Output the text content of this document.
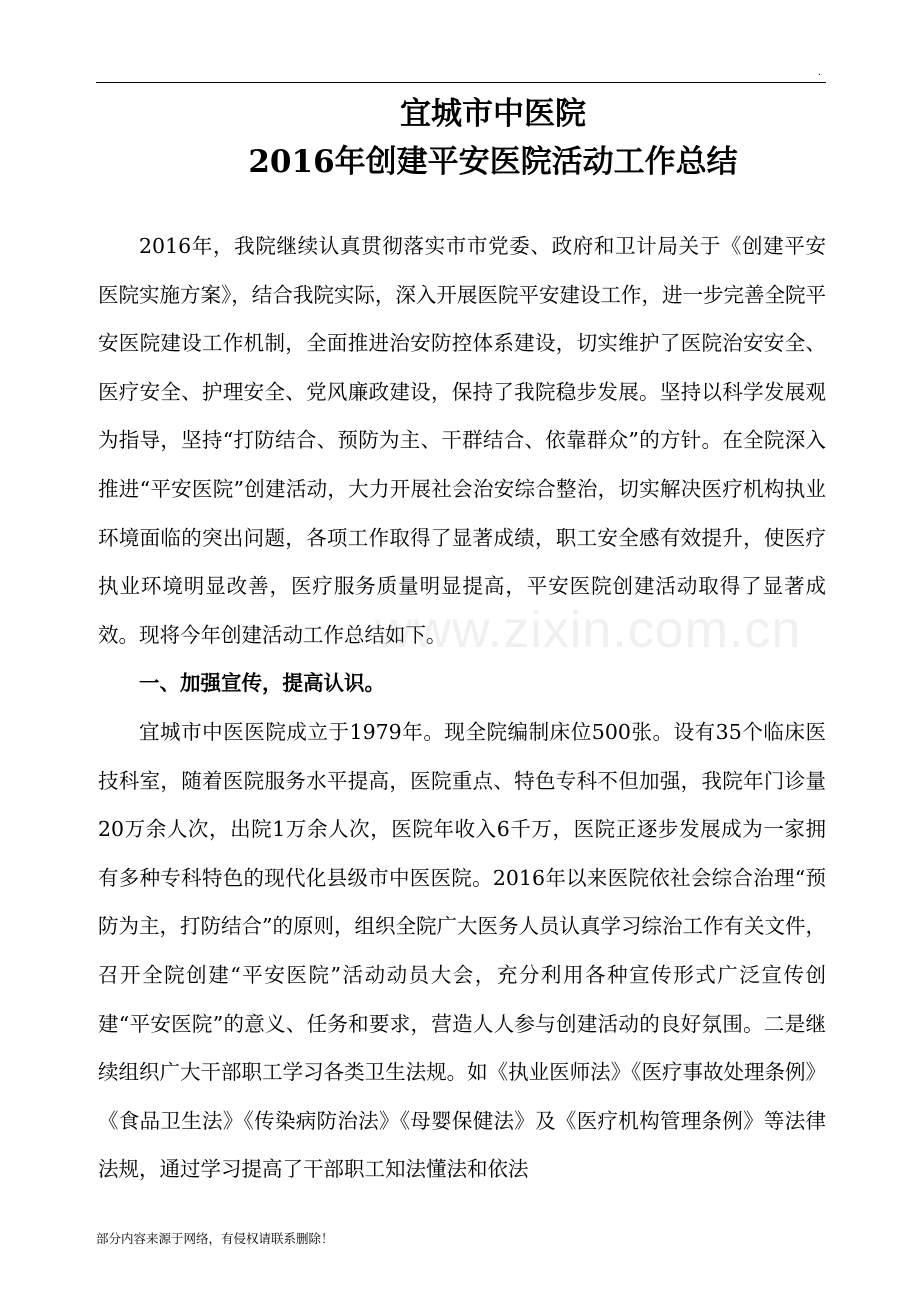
.
宜城市中医院
2016年创建平安医院活动工作总结

2016年，我院继续认真贯彻落实市市党委、政府和卫计局关于《创建平安医院实施方案》，结合我院实际，深入开展医院平安建设工作，进一步完善全院平安医院建设工作机制，全面推进治安防控体系建设，切实维护了医院治安安全、医疗安全、护理安全、党风廉政建设，保持了我院稳步发展。坚持以科学发展观为指导，坚持“打防结合、预防为主、干群结合、依靠群众”的方针。在全院深入推进“平安医院”创建活动，大力开展社会治安综合整治，切实解决医疗机构执业环境面临的突出问题，各项工作取得了显著成绩，职工安全感有效提升，使医疗执业环境明显改善，医疗服务质量明显提高，平安医院创建活动取得了显著成效。现将今年创建活动工作总结如下。

一、加强宣传，提高认识。

宜城市中医医院成立于1979年。现全院编制床位500张。设有35个临床医技科室，随着医院服务水平提高，医院重点、特色专科不但加强，我院年门诊量20万余人次，出院1万余人次，医院年收入6千万，医院正逐步发展成为一家拥有多种专科特色的现代化县级市中医医院。2016年以来医院依社会综合治理“预防为主，打防结合”的原则，组织全院广大医务人员认真学习综治工作有关文件，召开全院创建“平安医院”活动动员大会，充分利用各种宣传形式广泛宣传创建“平安医院”的意义、任务和要求，营造人人参与创建活动的良好氛围。二是继续组织广大干部职工学习各类卫生法规。如《执业医师法》《医疗事故处理条例》《食品卫生法》《传染病防治法》《母婴保健法》及《医疗机构管理条例》等法律法规，通过学习提高了干部职工知法懂法和依法

www.zixin.com.cn
部分内容来源于网络，有侵权请联系删除！
